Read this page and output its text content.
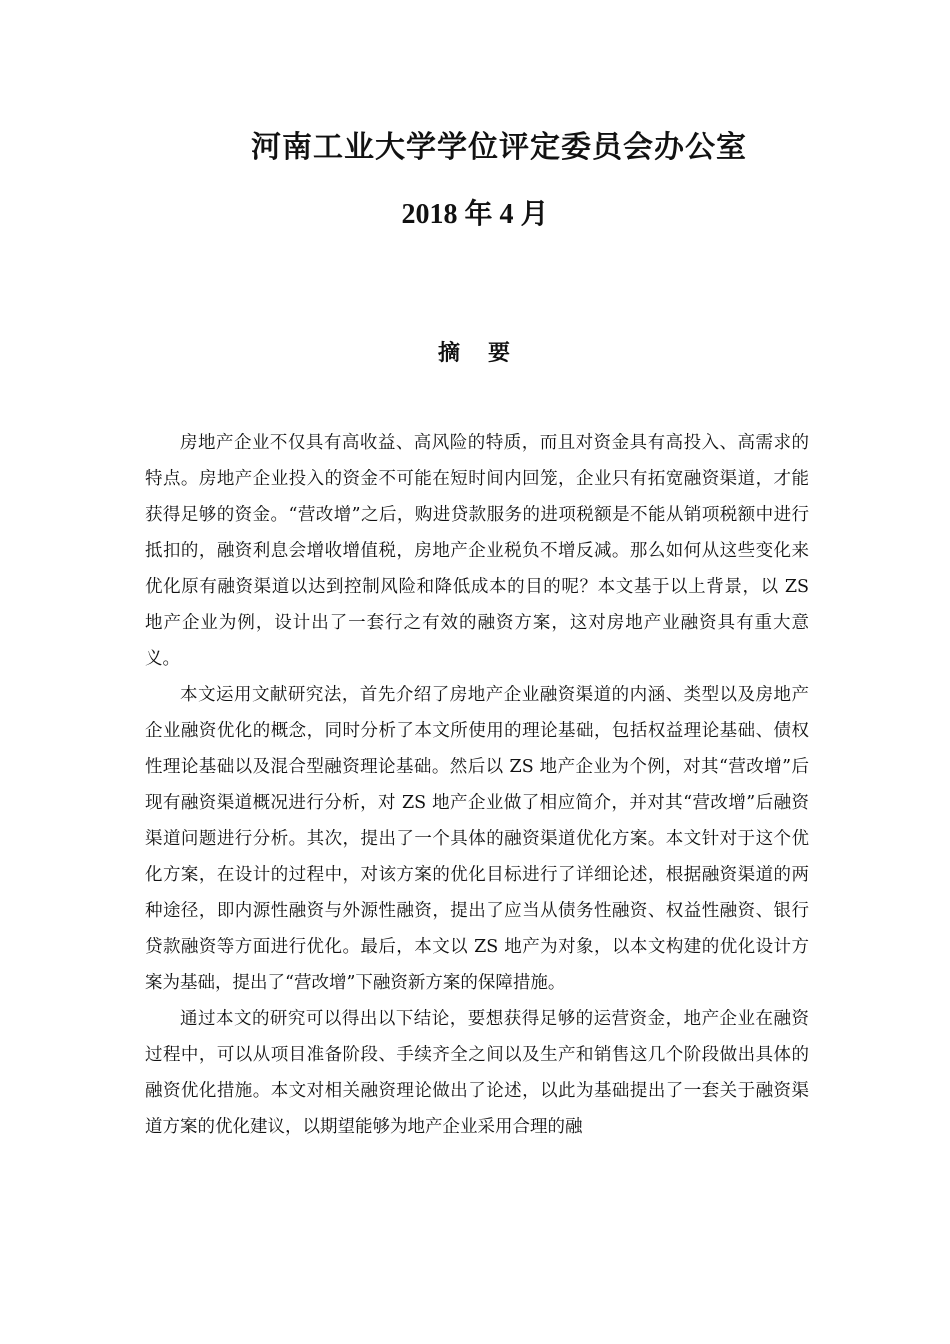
河南工业大学学位评定委员会办公室
2018 年 4 月
摘 要

房地产企业不仅具有高收益、高风险的特质，而且对资金具有高投入、高需求的特点。房地产企业投入的资金不可能在短时间内回笼，企业只有拓宽融资渠道，才能获得足够的资金。“营改增”之后，购进贷款服务的进项税额是不能从销项税额中进行抵扣的，融资利息会增收增值税，房地产企业税负不增反减。那么如何从这些变化来优化原有融资渠道以达到控制风险和降低成本的目的呢？本文基于以上背景，以 ZS 地产企业为例，设计出了一套行之有效的融资方案，这对房地产业融资具有重大意义。

本文运用文献研究法，首先介绍了房地产企业融资渠道的内涵、类型以及房地产企业融资优化的概念，同时分析了本文所使用的理论基础，包括权益理论基础、债权性理论基础以及混合型融资理论基础。然后以 ZS 地产企业为个例，对其“营改增”后现有融资渠道概况进行分析，对 ZS 地产企业做了相应简介，并对其“营改增”后融资渠道问题进行分析。其次，提出了一个具体的融资渠道优化方案。本文针对于这个优化方案，在设计的过程中，对该方案的优化目标进行了详细论述，根据融资渠道的两种途径，即内源性融资与外源性融资，提出了应当从债务性融资、权益性融资、银行贷款融资等方面进行优化。最后，本文以 ZS 地产为对象，以本文构建的优化设计方案为基础，提出了“营改增”下融资新方案的保障措施。

通过本文的研究可以得出以下结论，要想获得足够的运营资金，地产企业在融资过程中，可以从项目准备阶段、手续齐全之间以及生产和销售这几个阶段做出具体的融资优化措施。本文对相关融资理论做出了论述，以此为基础提出了一套关于融资渠道方案的优化建议，以期望能够为地产企业采用合理的融
